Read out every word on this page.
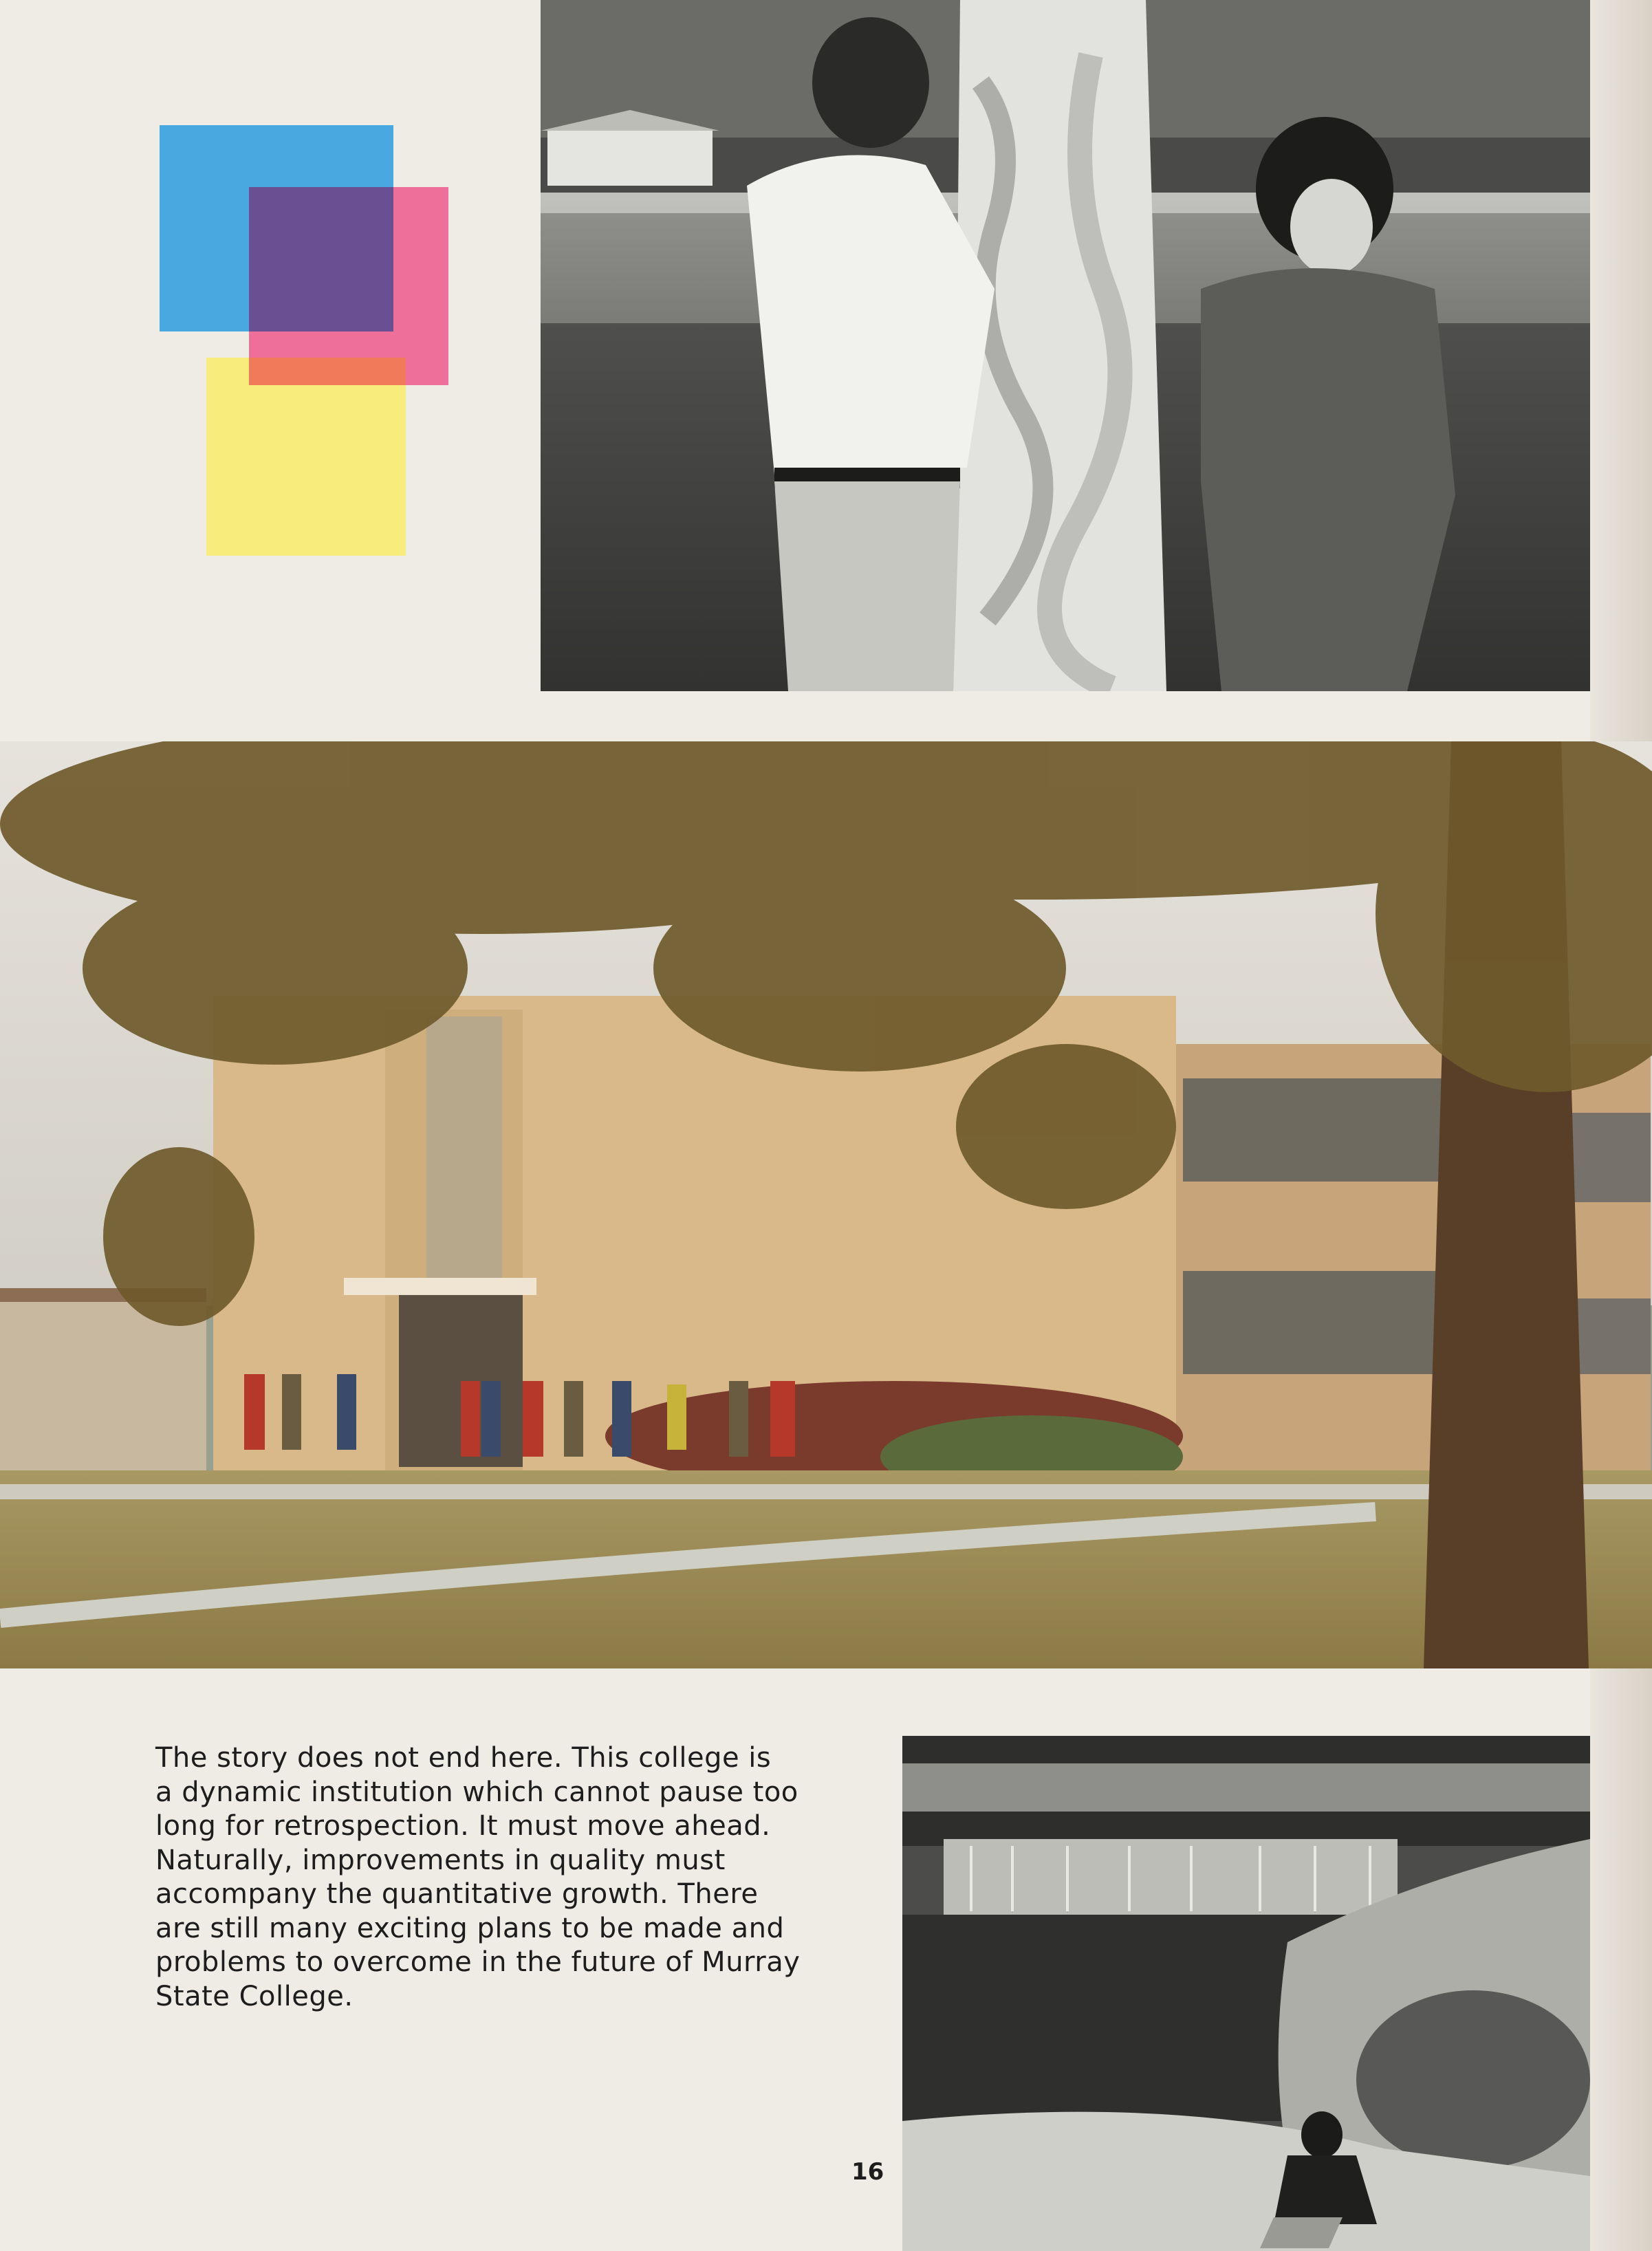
The story does not end here. This college is
a dynamic institution which cannot pause too
long for retrospection. It must move ahead.
Naturally, improvements in quality must
accompany the quantitative growth. There
are still many exciting plans to be made and
problems to overcome in the future of Murray
State College.
16
